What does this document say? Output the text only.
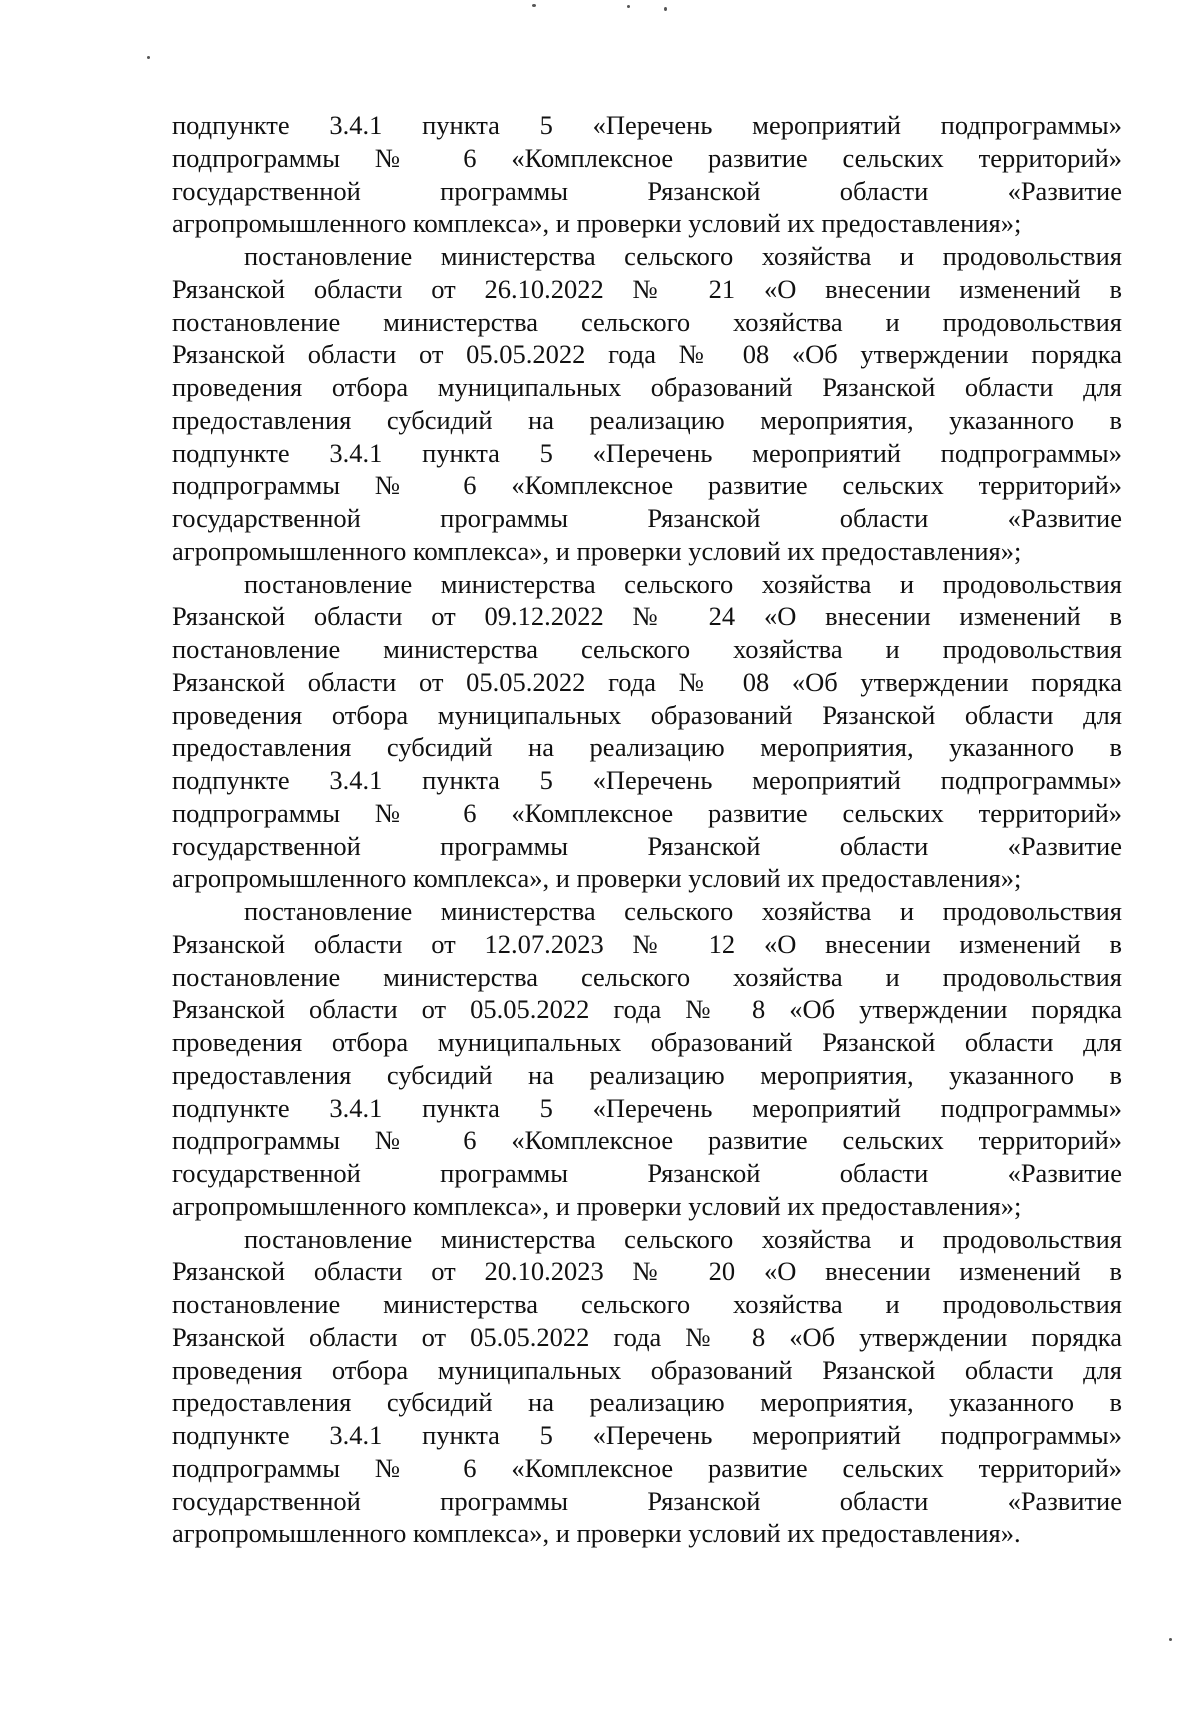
подпункте 3.4.1 пункта 5 «Перечень мероприятий подпрограммы»
подпрограммы № 6 «Комплексное развитие сельских территорий»
государственной программы Рязанской области «Развитие
агропромышленного комплекса», и проверки условий их предоставления»;
постановление министерства сельского хозяйства и продовольствия
Рязанской области от 26.10.2022 № 21 «О внесении изменений в
постановление министерства сельского хозяйства и продовольствия
Рязанской области от 05.05.2022 года № 08 «Об утверждении порядка
проведения отбора муниципальных образований Рязанской области для
предоставления субсидий на реализацию мероприятия, указанного в
подпункте 3.4.1 пункта 5 «Перечень мероприятий подпрограммы»
подпрограммы № 6 «Комплексное развитие сельских территорий»
государственной программы Рязанской области «Развитие
агропромышленного комплекса», и проверки условий их предоставления»;
постановление министерства сельского хозяйства и продовольствия
Рязанской области от 09.12.2022 № 24 «О внесении изменений в
постановление министерства сельского хозяйства и продовольствия
Рязанской области от 05.05.2022 года № 08 «Об утверждении порядка
проведения отбора муниципальных образований Рязанской области для
предоставления субсидий на реализацию мероприятия, указанного в
подпункте 3.4.1 пункта 5 «Перечень мероприятий подпрограммы»
подпрограммы № 6 «Комплексное развитие сельских территорий»
государственной программы Рязанской области «Развитие
агропромышленного комплекса», и проверки условий их предоставления»;
постановление министерства сельского хозяйства и продовольствия
Рязанской области от 12.07.2023 № 12 «О внесении изменений в
постановление министерства сельского хозяйства и продовольствия
Рязанской области от 05.05.2022 года № 8 «Об утверждении порядка
проведения отбора муниципальных образований Рязанской области для
предоставления субсидий на реализацию мероприятия, указанного в
подпункте 3.4.1 пункта 5 «Перечень мероприятий подпрограммы»
подпрограммы № 6 «Комплексное развитие сельских территорий»
государственной программы Рязанской области «Развитие
агропромышленного комплекса», и проверки условий их предоставления»;
постановление министерства сельского хозяйства и продовольствия
Рязанской области от 20.10.2023 № 20 «О внесении изменений в
постановление министерства сельского хозяйства и продовольствия
Рязанской области от 05.05.2022 года № 8 «Об утверждении порядка
проведения отбора муниципальных образований Рязанской области для
предоставления субсидий на реализацию мероприятия, указанного в
подпункте 3.4.1 пункта 5 «Перечень мероприятий подпрограммы»
подпрограммы № 6 «Комплексное развитие сельских территорий»
государственной программы Рязанской области «Развитие
агропромышленного комплекса», и проверки условий их предоставления».
